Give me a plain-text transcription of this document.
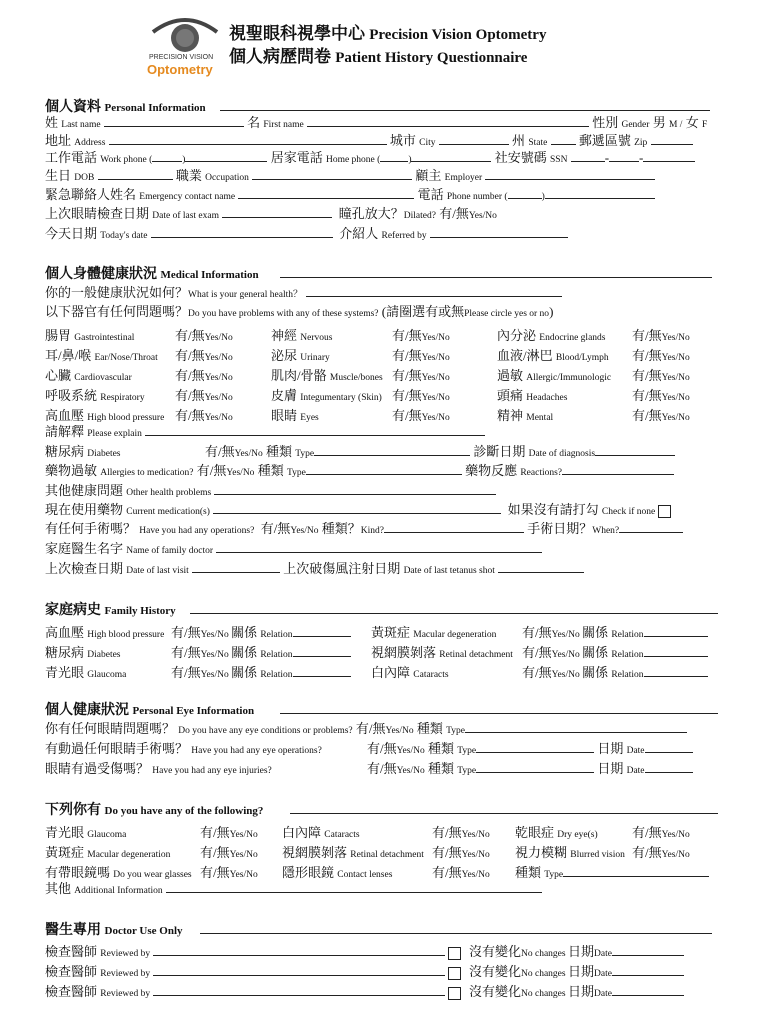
PRECISION VISION
Optometry
視聖眼科視學中心 Precision Vision Optometry
個人病歷問卷 Patient History Questionnaire
個人資料 Personal Information
姓 Last name	名 First name	性別 Gender 男 M / 女 F
地址 Address	城市 City	州 State 郵遞區號 Zip
工作電話 Work phone (	)	居家電話 Home phone (	)	社安號碼 SSN	- -
生日 DOB	職業 Occupation	顧主 Employer
緊急聯絡人姓名 Emergency contact name	電話 Phone number (	)
上次眼睛檢查日期 Date of last exam	瞳孔放大？Dilated? 有/無Yes/No
今天日期 Today's date	介紹人 Referred by
個人身體健康狀況 Medical Information
你的一般健康狀況如何？What is your general health？
以下器官有任何問題嗎？Do you have problems with any of these systems? (請圈選有或無Please circle yes or no)
腸胃 Gastrointestinal	有/無Yes/No	神經 Nervous	有/無Yes/No	內分泌 Endocrine glands 有/無Yes/No
耳/鼻/喉 Ear/Nose/Throat 有/無Yes/No	泌尿 Urinary	有/無Yes/No	血液/淋巴 Blood/Lymph 有/無Yes/No
心臟 Cardiovascular	有/無Yes/No	肌肉/骨骼 Muscle/bones 有/無Yes/No	過敏 Allergic/Immunologic 有/無Yes/No
呼吸系統 Respiratory 有/無Yes/No	皮膚 Integumentary (Skin) 有/無Yes/No	頭痛 Headaches	有/無Yes/No
高血壓 High blood pressure 有/無Yes/No	眼睛 Eyes	有/無Yes/No	精神 Mental	有/無Yes/No
請解釋 Please explain
糖尿病 Diabetes	有/無Yes/No 種類 Type	診斷日期 Date of diagnosis
藥物過敏 Allergies to medication? 有/無Yes/No 種類 Type	藥物反應 Reactions?
其他健康問題 Other health problems
現在使用藥物 Current medication(s)	如果沒有請打勾 Check if none
有任何手術嗎？ Have you had any operations? 有/無Yes/No 種類？Kind?	手術日期？When?
家庭醫生名字 Name of family doctor
上次檢查日期 Date of last visit	上次破傷風注射日期 Date of last tetanus shot
家庭病史 Family History
高血壓 High blood pressure 有/無Yes/No 關係 Relation	黃斑症 Macular degeneration 有/無Yes/No 關係 Relation
糖尿病 Diabetes	有/無Yes/No 關係 Relation	視網膜剝落 Retinal detachment 有/無Yes/No 關係 Relation
青光眼 Glaucoma	有/無Yes/No 關係 Relation	白內障 Cataracts	有/無Yes/No 關係 Relation
個人健康狀況 Personal Eye Information
你有任何眼睛問題嗎？ Do you have any eye conditions or problems? 有/無Yes/No 種類 Type
有動過任何眼睛手術嗎？ Have you had any eye operations?	有/無Yes/No 種類 Type	日期 Date
眼睛有過受傷嗎？ Have you had any eye injuries?	有/無Yes/No 種類 Type	日期 Date
下列你有 Do you have any of the following?
青光眼 Glaucoma	有/無Yes/No 白內障 Cataracts	有/無Yes/No 乾眼症 Dry eye(s)	有/無Yes/No
黃斑症 Macular degeneration 有/無Yes/No 視網膜剝落 Retinal detachment 有/無Yes/No 視力模糊 Blurred vision 有/無Yes/No
有帶眼鏡嗎 Do you wear glasses 有/無Yes/No 隱形眼鏡 Contact lenses	有/無Yes/No 種類 Type
其他 Additional Information
醫生專用 Doctor Use Only
檢查醫師 Reviewed by	沒有變化No changes 日期Date
檢查醫師 Reviewed by	沒有變化No changes 日期Date
檢查醫師 Reviewed by	沒有變化No changes 日期Date
